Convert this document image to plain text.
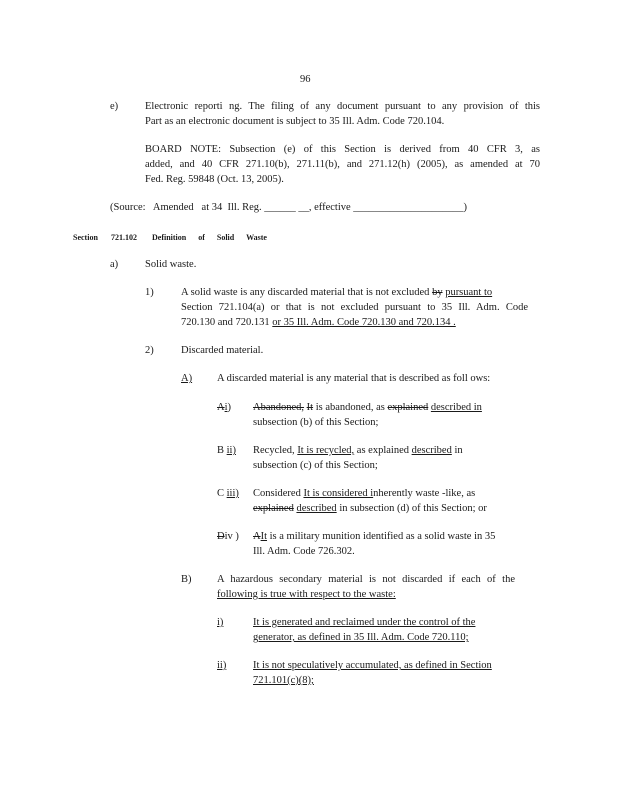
96
e)	Electronic reporti ng. The filing of any document pursuant to any provision of this
Part as an electronic document is subject to 35 Ill. Adm. Code 720.104.
BOARD NOTE: Subsection (e) of this Section is derived from 40 CFR 3, as
added, and 40 CFR 271.10(b), 271.11(b), and 271.12(h) (2005), as amended at 70
Fed. Reg. 59848 (Oct. 13, 2005).
(Source:   Amended   at 34  Ill. Reg. ______ __, effective _____________________)
Section 721.102 Definition of Solid Waste
a)	Solid waste.
1)	A solid waste is any discarded material that is not excluded by pursuant to
Section 721.104(a) or that is not excluded pursuant to 35 Ill. Adm. Code
720.130 and 720.131 or 35 Ill. Adm. Code 720.130 and 720.134 .
2)	Discarded material.
A)	A discarded material is any material that is described as foll ows:
Ai) Abandoned, It is abandoned, as explained described in
subsection (b) of this Section;
B ii) Recycled, It is recycled, as explained described in
subsection (c) of this Section;
C iii) Considered It is considered inherently waste -like, as
explained described in subsection (d) of this Section; or
Div ) AIt is a military munition identified as a solid waste in 35
Ill. Adm. Code 726.302.
B) A hazardous secondary material is not discarded if each of the
following is true with respect to the waste:
i)	It is generated and reclaimed under the control of the
generator, as defined in 35 Ill. Adm. Code 720.110;
ii)	It is not speculatively accumulated, as defined in Section
721.101(c)(8);
